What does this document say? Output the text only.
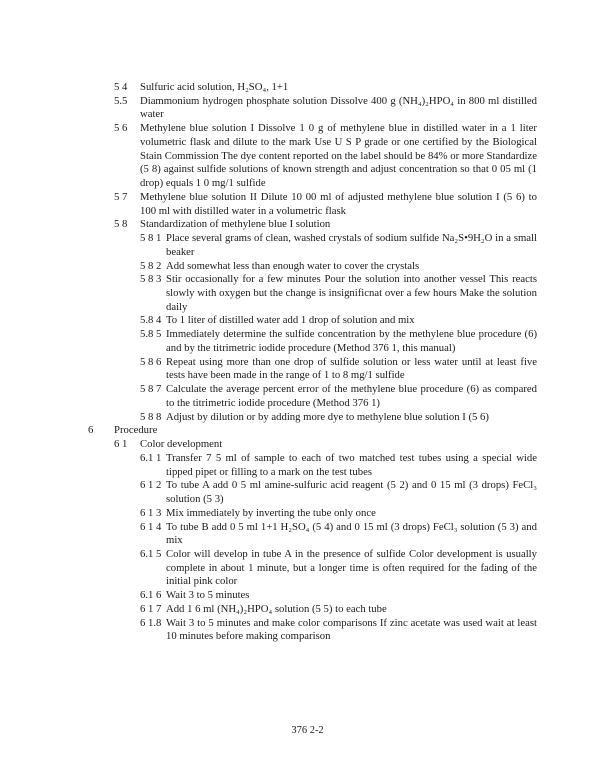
5 4 Sulfuric acid solution, H₂SO₄, 1+1
5.5 Diammonium hydrogen phosphate solution Dissolve 400 g (NH₄)₂HPO₄ in 800 ml distilled water
5 6 Methylene blue solution I Dissolve 1 0 g of methylene blue in distilled water in a 1 liter volumetric flask and dilute to the mark Use U S P grade or one certified by the Biological Stain Commission The dye content reported on the label should be 84% or more Standardize (5 8) against sulfide solutions of known strength and adjust concentration so that 0 05 ml (1 drop) equals 1 0 mg/1 sulfide
5 7 Methylene blue solution II Dilute 10 00 ml of adjusted methylene blue solution I (5 6) to 100 ml with distilled water in a volumetric flask
5 8 Standardization of methylene blue I solution
5 8 1 Place several grams of clean, washed crystals of sodium sulfide Na₂S•9H₂O in a small beaker
5 8 2 Add somewhat less than enough water to cover the crystals
5 8 3 Stir occasionally for a few minutes Pour the solution into another vessel This reacts slowly with oxygen but the change is insignificnat over a few hours Make the solution daily
5.8 4 To 1 liter of distilled water add 1 drop of solution and mix
5.8 5 Immediately determine the sulfide concentration by the methylene blue procedure (6) and by the titrimetric iodide procedure (Method 376 1, this manual)
5 8 6 Repeat using more than one drop of sulfide solution or less water until at least five tests have been made in the range of 1 to 8 mg/1 sulfide
5 8 7 Calculate the average percent error of the methylene blue procedure (6) as compared to the titrimetric iodide procedure (Method 376 1)
5 8 8 Adjust by dilution or by adding more dye to methylene blue solution I (5 6)
6 Procedure
6 1 Color development
6.1 1 Transfer 7 5 ml of sample to each of two matched test tubes using a special wide tipped pipet or filling to a mark on the test tubes
6 1 2 To tube A add 0 5 ml amine-sulfuric acid reagent (5 2) and 0 15 ml (3 drops) FeCl₃ solution (5 3)
6 1 3 Mix immediately by inverting the tube only once
6 1 4 To tube B add 0 5 ml 1+1 H₂SO₄ (5 4) and 0 15 ml (3 drops) FeCl₃ solution (5 3) and mix
6.1 5 Color will develop in tube A in the presence of sulfide Color development is usually complete in about 1 minute, but a longer time is often required for the fading of the initial pink color
6.1 6 Wait 3 to 5 minutes
6 1 7 Add 1 6 ml (NH₄)₂HPO₄ solution (5 5) to each tube
6 1.8 Wait 3 to 5 minutes and make color comparisons If zinc acetate was used wait at least 10 minutes before making comparison
376 2-2
